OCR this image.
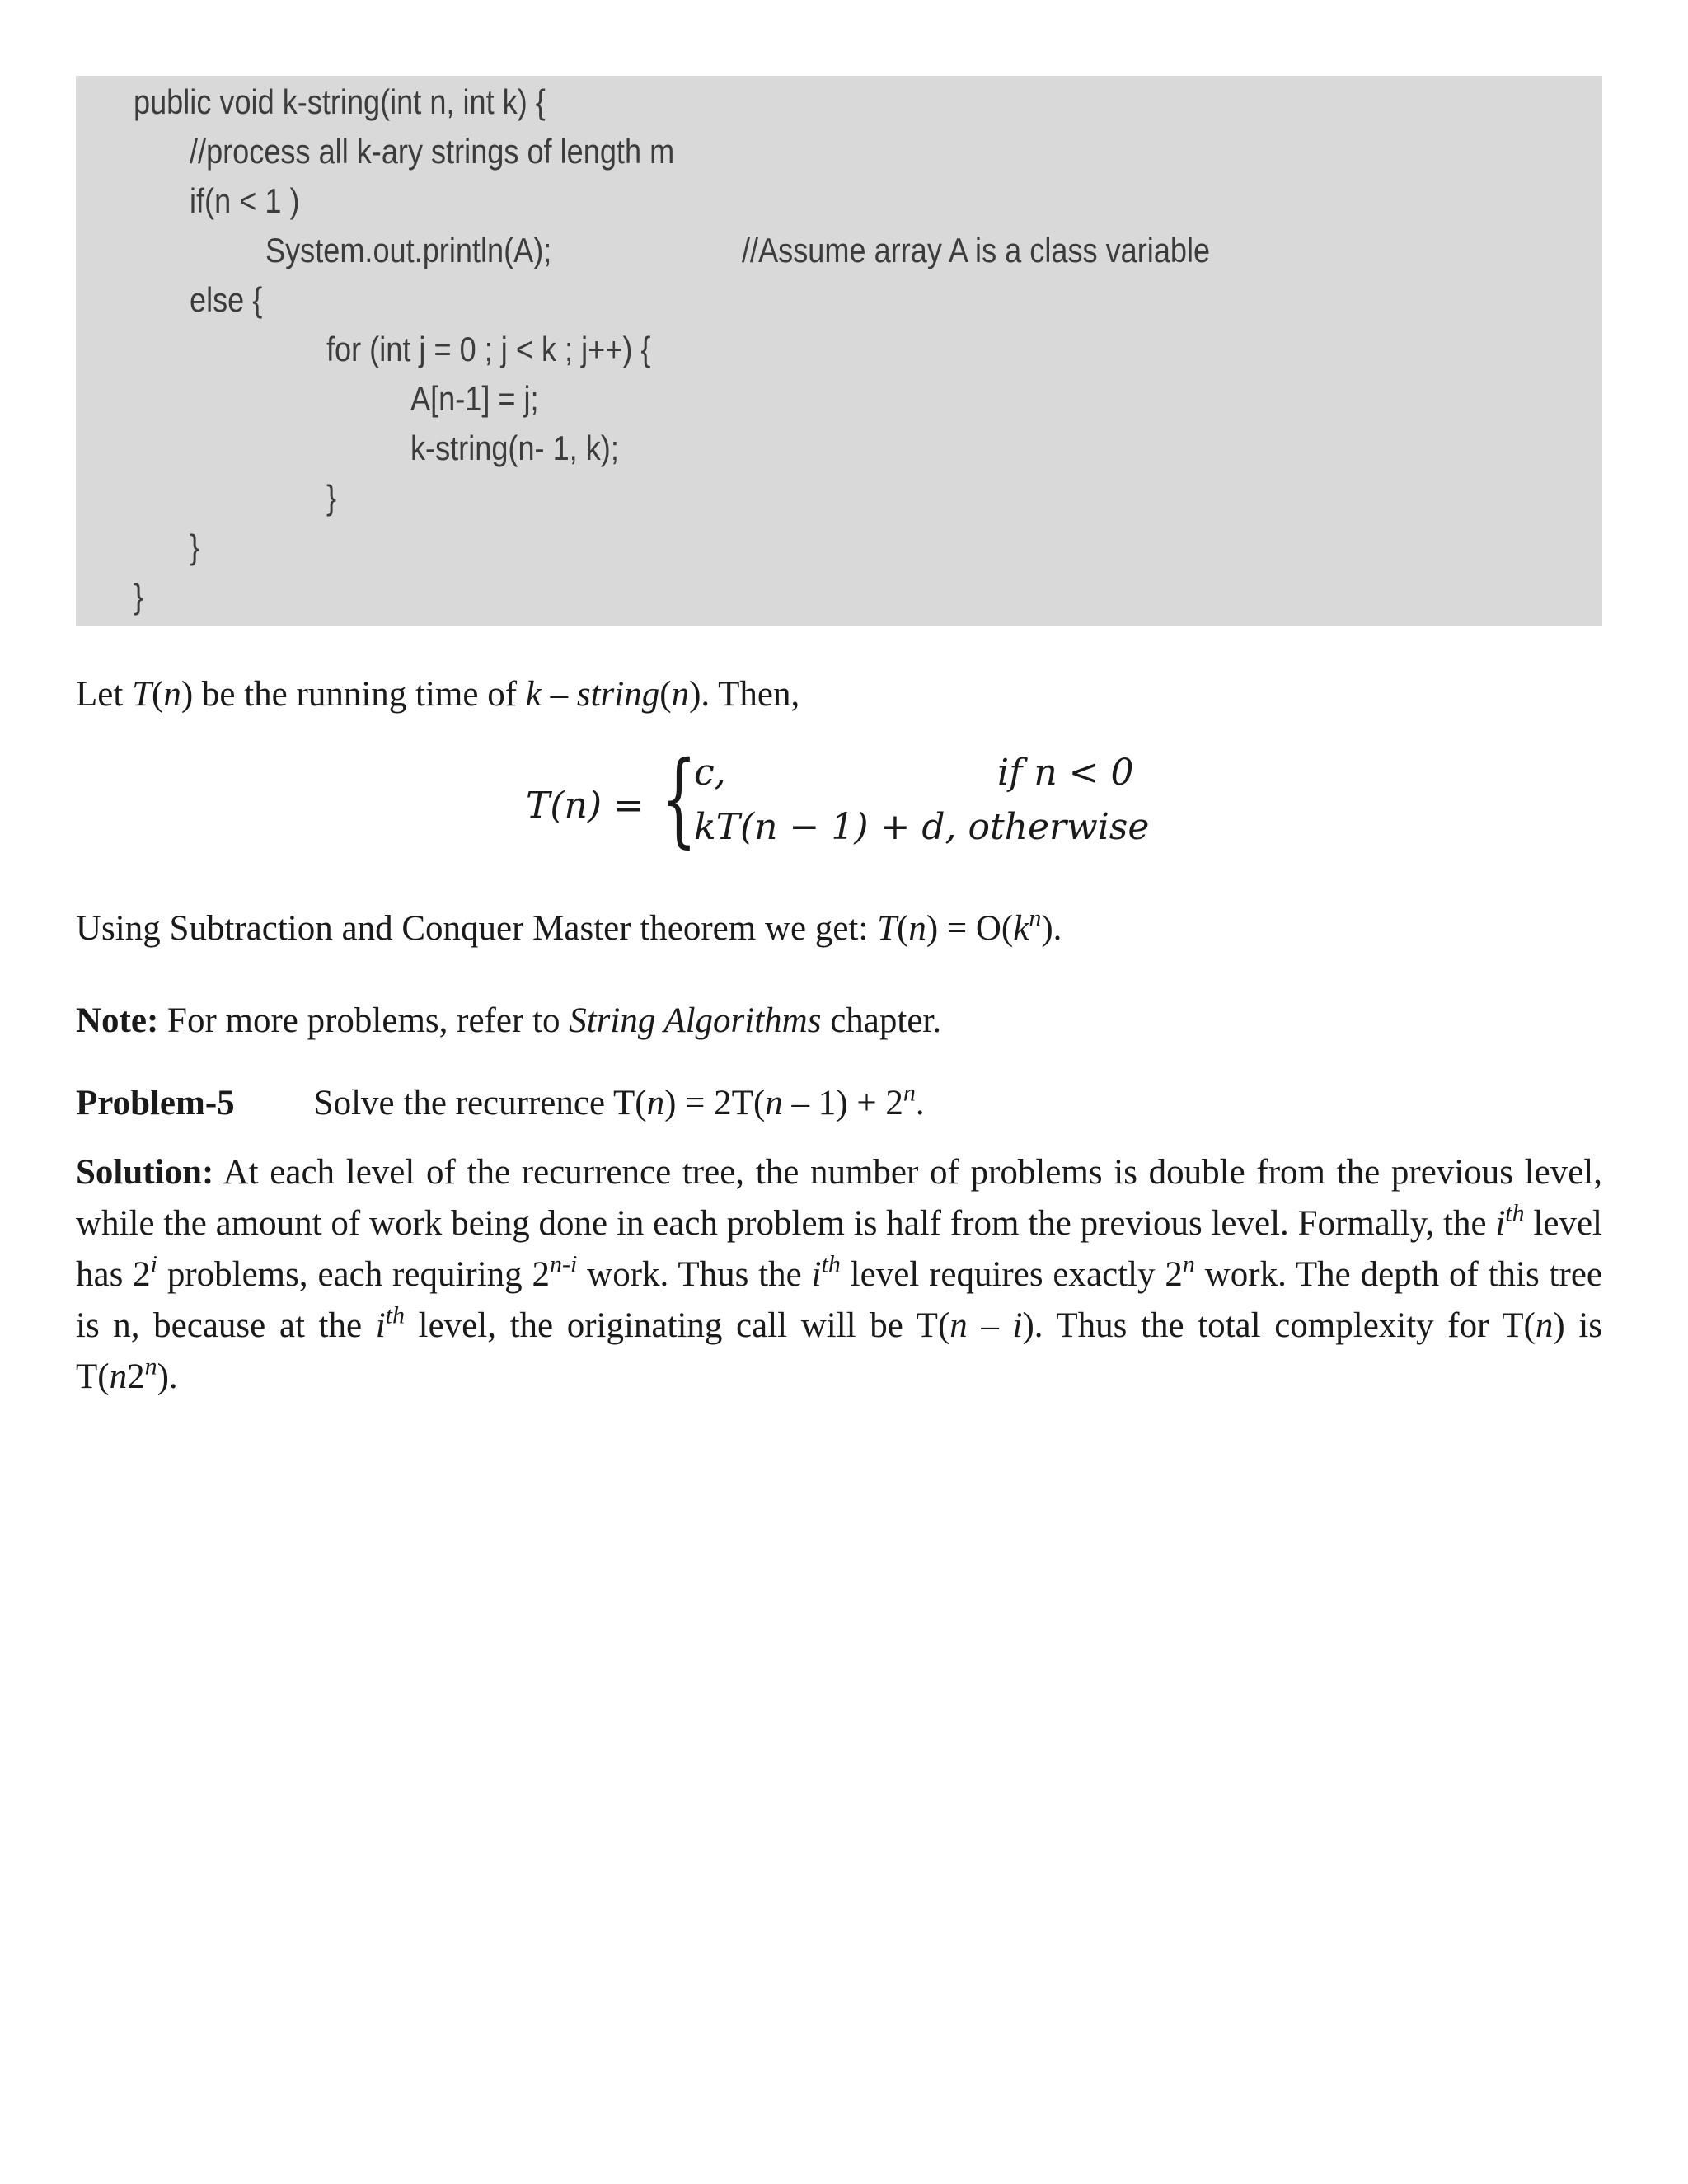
public void k-string(int n, int k) {
//process all k-ary strings of length m
if(n < 1 )
System.out.println(A);	//Assume array A is a class variable
else {
for (int j = 0 ; j < k ; j++) {
A[n-1] = j;
k-string(n- 1, k);
}
}
}

Let T(n) be the running time of k – string(n). Then,

T(n) = {
c,	if n < 0
kT(n − 1) + d, otherwise

Using Subtraction and Conquer Master theorem we get: $T(n) = O(k^n)$.

Note: For more problems, refer to String Algorithms chapter.

Problem-5 Solve the recurrence $T(n) = 2T(n - 1) + 2^n$.

Solution: At each level of the recurrence tree, the number of problems is double from the previous level, while the amount of work being done in each problem is half from the previous level. Formally, the $i^{th}$ level has 2$^i$ problems, each requiring 2$^{n-i}$ work. Thus the $i^{th}$ level requires exactly 2$^n$ work. The depth of this tree is n, because at the $i^{th}$ level, the originating call will be T(n – i). Thus the total complexity for T(n) is T(n2$^n$).
